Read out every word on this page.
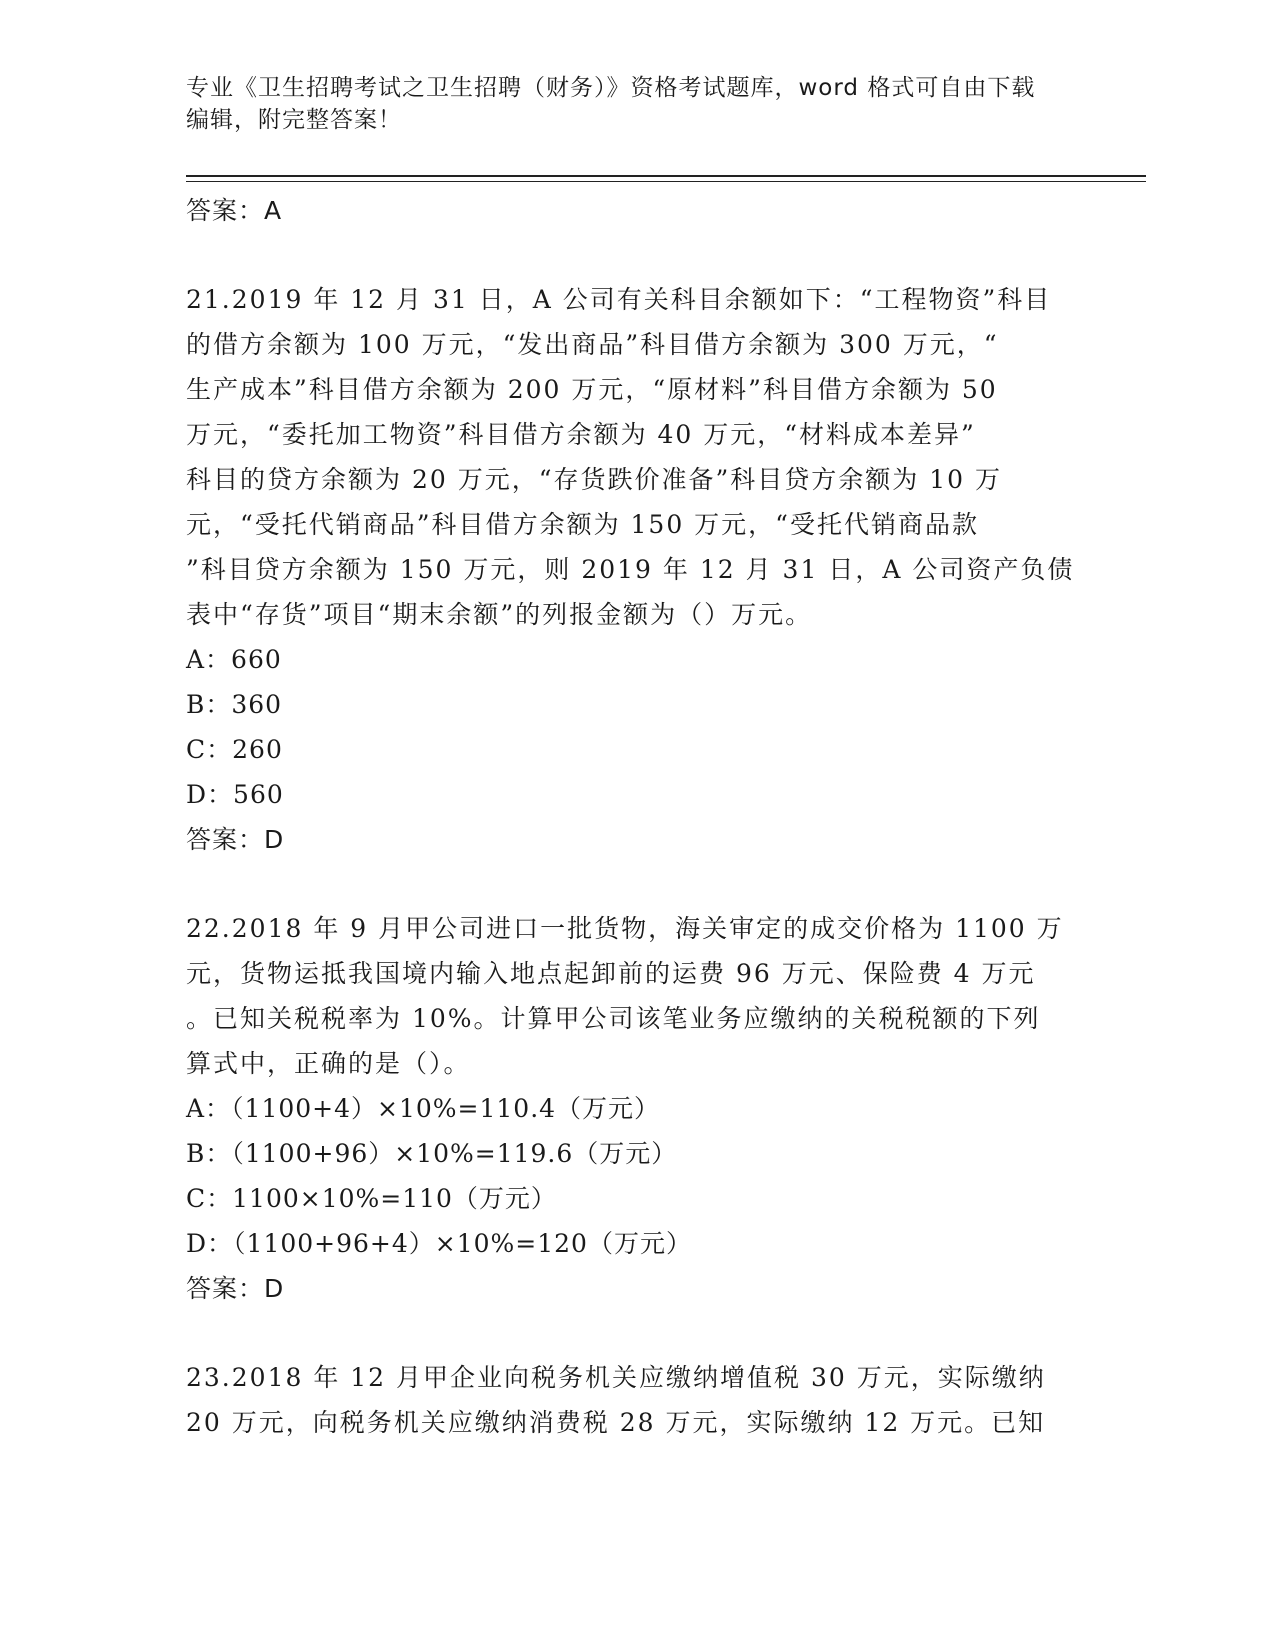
专业《卫生招聘考试之卫生招聘（财务）》资格考试题库，word 格式可自由下载
编辑，附完整答案！
答案：A
21.2019 年 12 月 31 日，A 公司有关科目余额如下：“工程物资”科目
的借方余额为 100 万元，“发出商品”科目借方余额为 300 万元，“
生产成本”科目借方余额为 200 万元，“原材料”科目借方余额为 50
万元，“委托加工物资”科目借方余额为 40 万元，“材料成本差异”
科目的贷方余额为 20 万元，“存货跌价准备”科目贷方余额为 10 万
元，“受托代销商品”科目借方余额为 150 万元，“受托代销商品款
”科目贷方余额为 150 万元，则 2019 年 12 月 31 日，A 公司资产负债
表中“存货”项目“期末余额”的列报金额为（）万元。
A：660
B：360
C：260
D：560
答案：D
22.2018 年 9 月甲公司进口一批货物，海关审定的成交价格为 1100 万
元，货物运抵我国境内输入地点起卸前的运费 96 万元、保险费 4 万元
。已知关税税率为 10%。计算甲公司该笔业务应缴纳的关税税额的下列
算式中，正确的是（）。
A：（1100+4）×10%=110.4（万元）
B：（1100+96）×10%=119.6（万元）
C：1100×10%=110（万元）
D：（1100+96+4）×10%=120（万元）
答案：D
23.2018 年 12 月甲企业向税务机关应缴纳增值税 30 万元，实际缴纳
20 万元，向税务机关应缴纳消费税 28 万元，实际缴纳 12 万元。已知
